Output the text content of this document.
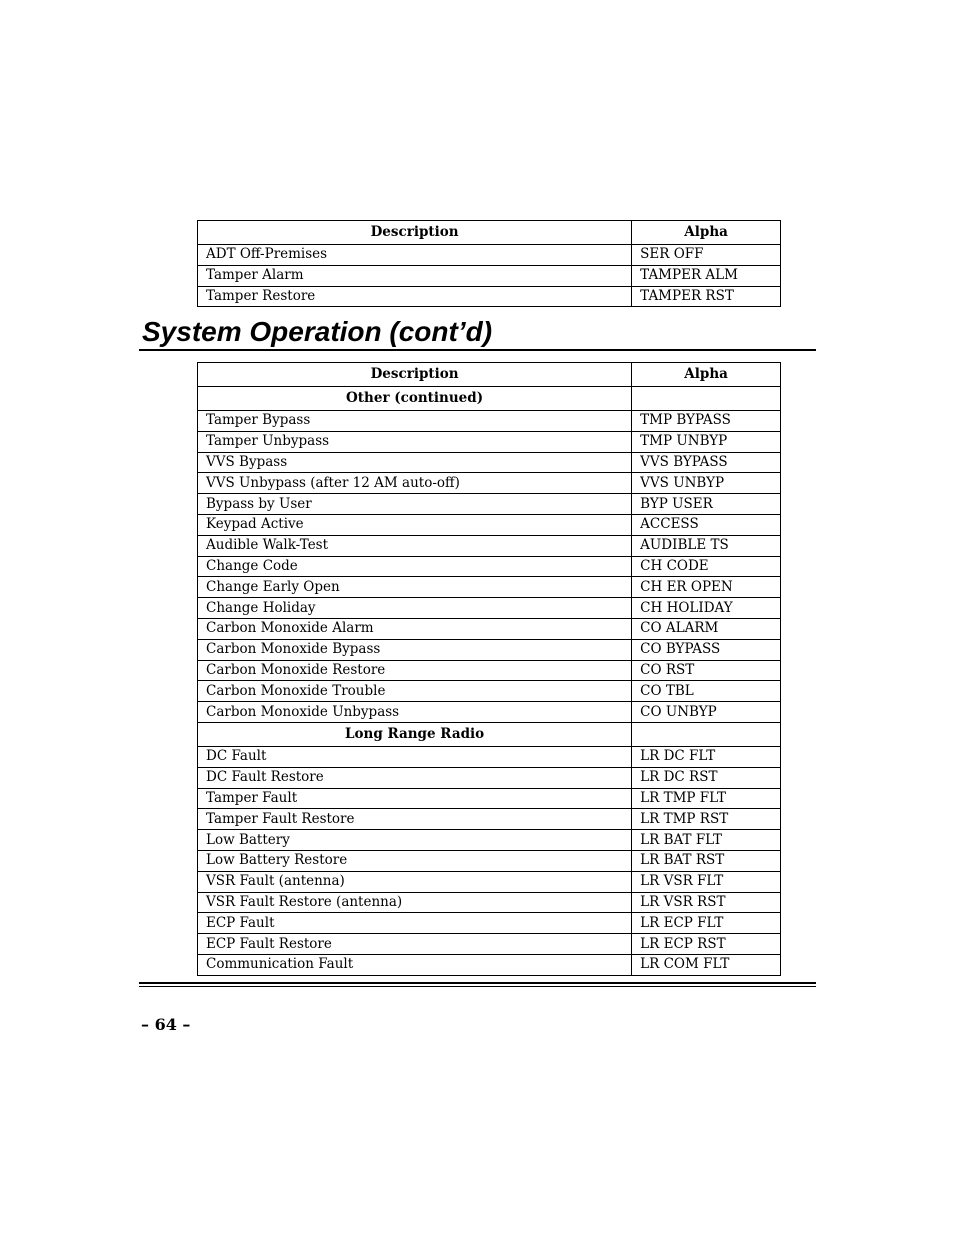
Description	Alpha
ADT Off-Premises	SER OFF
Tamper Alarm	TAMPER ALM
Tamper Restore	TAMPER RST
System Operation (cont’d)
Description	Alpha
Other (continued)	
Tamper Bypass	TMP BYPASS
Tamper Unbypass	TMP UNBYP
VVS Bypass	VVS BYPASS
VVS Unbypass (after 12 AM auto-off)	VVS UNBYP
Bypass by User	BYP USER
Keypad Active	ACCESS
Audible Walk-Test	AUDIBLE TS
Change Code	CH CODE
Change Early Open	CH ER OPEN
Change Holiday	CH HOLIDAY
Carbon Monoxide Alarm	CO ALARM
Carbon Monoxide Bypass	CO BYPASS
Carbon Monoxide Restore	CO RST
Carbon Monoxide Trouble	CO TBL
Carbon Monoxide Unbypass	CO UNBYP
Long Range Radio	
DC Fault	LR DC FLT
DC Fault Restore	LR DC RST
Tamper Fault	LR TMP FLT
Tamper Fault Restore	LR TMP RST
Low Battery	LR BAT FLT
Low Battery Restore	LR BAT RST
VSR Fault (antenna)	LR VSR FLT
VSR Fault Restore (antenna)	LR VSR RST
ECP Fault	LR ECP FLT
ECP Fault Restore	LR ECP RST
Communication Fault	LR COM FLT
– 64 –
